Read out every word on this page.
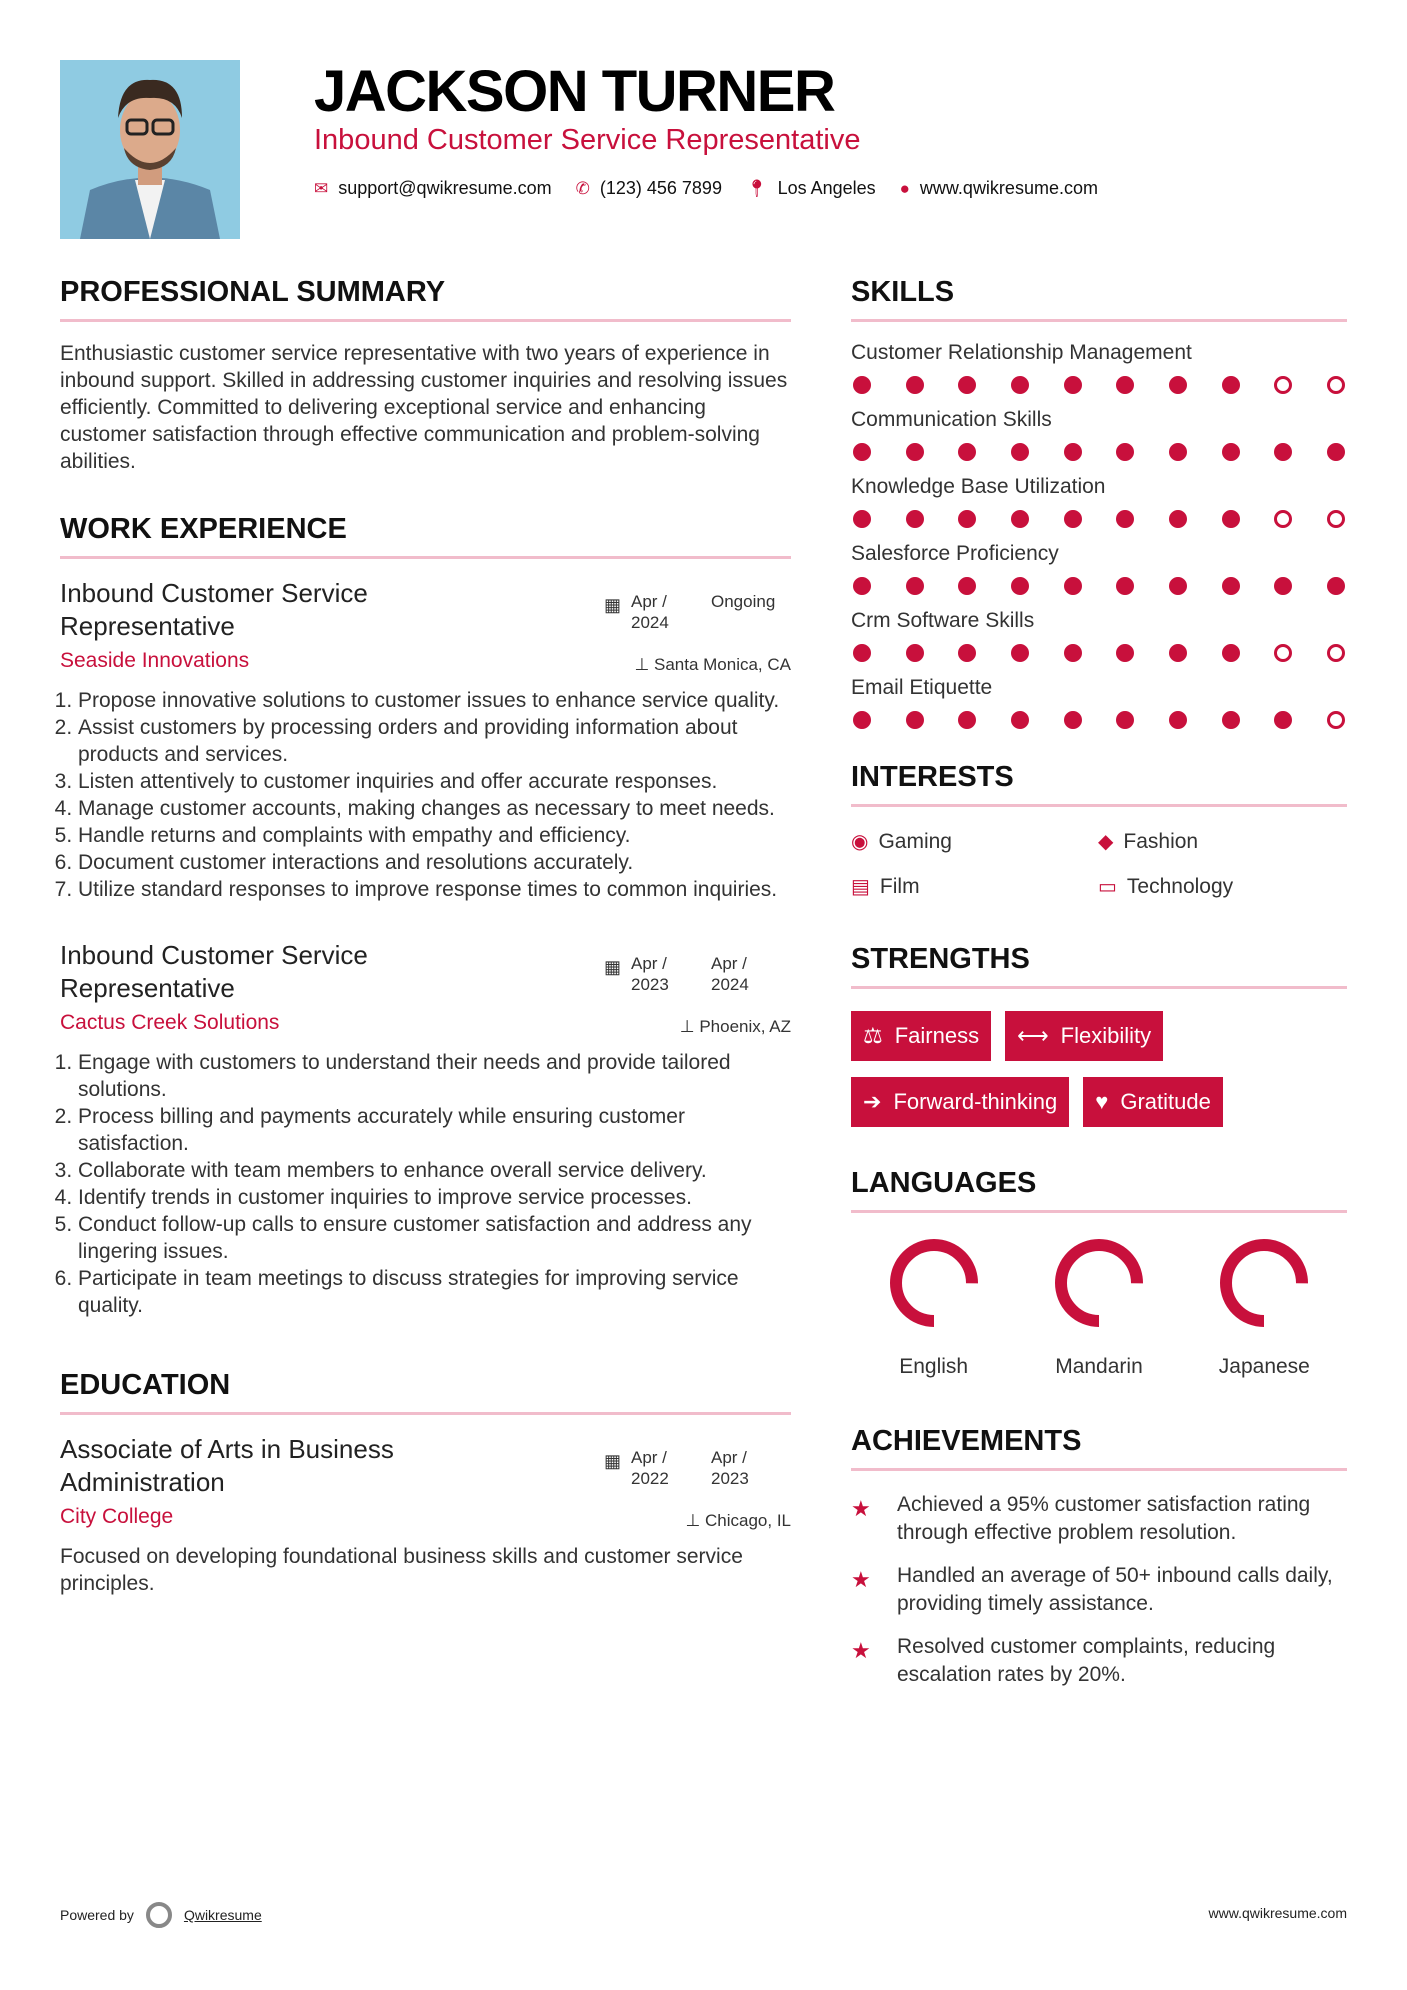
JACKSON TURNER
Inbound Customer Service Representative
✉ support@qwikresume.com ✆ (123) 456 7899 📍︎ Los Angeles ● www.qwikresume.com
PROFESSIONAL SUMMARY

Enthusiastic customer service representative with two years of experience in inbound support. Skilled in addressing customer inquiries and resolving issues efficiently. Committed to delivering exceptional service and enhancing customer satisfaction through effective communication and problem-solving abilities.

WORK EXPERIENCE
Inbound Customer Service Representative
Seaside Innovations
▦ Apr / 2024
Ongoing
⊥ Santa Monica, CA
1. Propose innovative solutions to customer issues to enhance service quality.
2. Assist customers by processing orders and providing information about products and services.
3. Listen attentively to customer inquiries and offer accurate responses.
4. Manage customer accounts, making changes as necessary to meet needs.
5. Handle returns and complaints with empathy and efficiency.
6. Document customer interactions and resolutions accurately.
7. Utilize standard responses to improve response times to common inquiries.
Inbound Customer Service Representative
Cactus Creek Solutions
▦ Apr / 2023
Apr / 2024
⊥ Phoenix, AZ
1. Engage with customers to understand their needs and provide tailored solutions.
2. Process billing and payments accurately while ensuring customer satisfaction.
3. Collaborate with team members to enhance overall service delivery.
4. Identify trends in customer inquiries to improve service processes.
5. Conduct follow-up calls to ensure customer satisfaction and address any lingering issues.
6. Participate in team meetings to discuss strategies for improving service quality.
EDUCATION
Associate of Arts in Business Administration
City College
▦ Apr / 2022
Apr / 2023
⊥ Chicago, IL

Focused on developing foundational business skills and customer service principles.

SKILLS
Customer Relationship Management
Communication Skills
Knowledge Base Utilization
Salesforce Proficiency
Crm Software Skills
Email Etiquette
INTERESTS
◉ Gaming	◆ Fashion
▤ Film	▭ Technology
STRENGTHS
⚖ Fairness ⟷ Flexibility
➔ Forward-thinking ♥ Gratitude
LANGUAGES
English	Mandarin	Japanese
ACHIEVEMENTS
★	Achieved a 95% customer satisfaction rating through effective problem resolution.
★	Handled an average of 50+ inbound calls daily, providing timely assistance.
★	Resolved customer complaints, reducing escalation rates by 20%.
Powered by	Qwikresume	www.qwikresume.com
